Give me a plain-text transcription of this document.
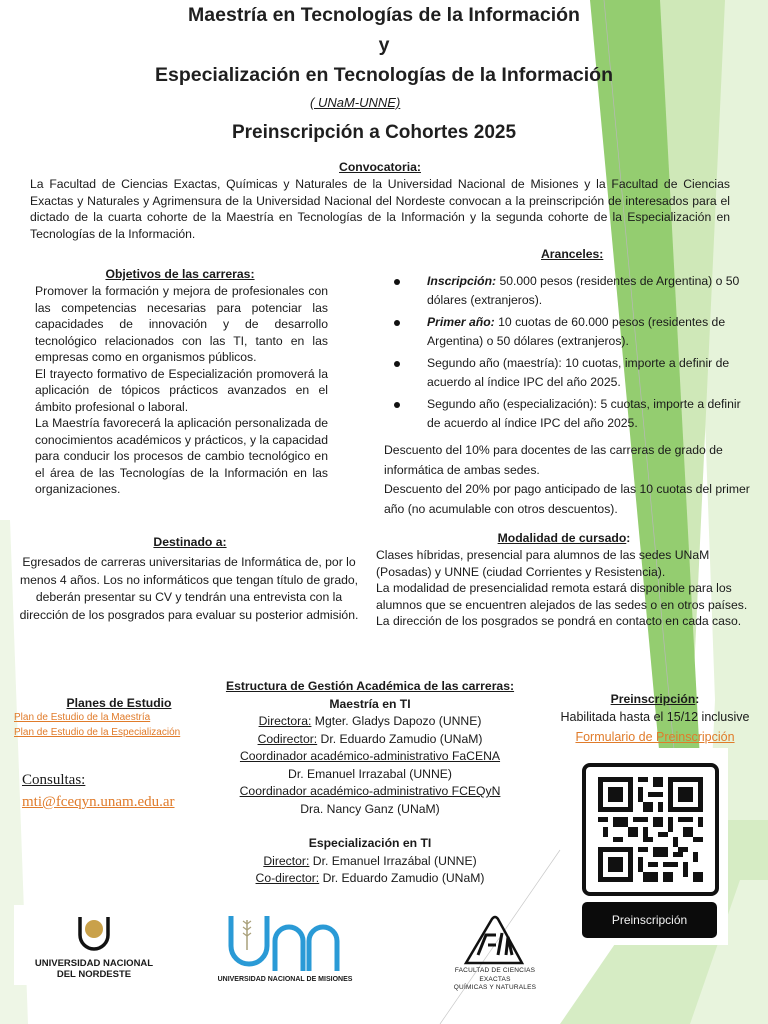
Maestría en Tecnologías de la Información
y
Especialización en Tecnologías de la Información
( UNaM-UNNE)
Preinscripción a Cohortes 2025
Convocatoria:
La Facultad de Ciencias Exactas, Químicas y Naturales de la Universidad Nacional de Misiones y la Facultad de Ciencias Exactas y Naturales y Agrimensura de la Universidad Nacional del Nordeste convocan a la preinscripción de interesados para el dictado de la cuarta cohorte de la Maestría en Tecnologías de la Información y la segunda cohorte de la Especialización en Tecnologías de la Información.
Aranceles:
Inscripción: 50.000 pesos (residentes de Argentina) o 50 dólares (extranjeros).
Primer año: 10 cuotas de 60.000 pesos (residentes de Argentina) o 50 dólares (extranjeros).
Segundo año (maestría): 10 cuotas, importe a definir de acuerdo al índice IPC del año 2025.
Segundo año (especialización): 5 cuotas, importe a definir de acuerdo al índice IPC del año 2025.
Descuento del 10% para docentes de las carreras de grado de informática de ambas sedes.
Descuento del 20% por pago anticipado de las 10 cuotas del primer año (no acumulable con otros descuentos).
Objetivos de las carreras:
Promover la formación y mejora de profesionales con las competencias necesarias para potenciar las capacidades de innovación y de desarrollo tecnológico relacionados con las TI, tanto en las empresas como en organismos públicos.
El trayecto formativo de Especialización promoverá la aplicación de tópicos prácticos avanzados en el ámbito profesional o laboral.
La Maestría favorecerá la aplicación personalizada de conocimientos académicos y prácticos, y la capacidad para conducir los procesos de cambio tecnológico en el área de las Tecnologías de la Información en las organizaciones.
Destinado a:
Egresados de carreras universitarias de Informática de, por lo menos 4 años. Los no informáticos que tengan título de grado, deberán presentar su CV y tendrán una entrevista con la dirección de los posgrados para evaluar su posterior admisión.
Modalidad de cursado:
Clases híbridas, presencial para alumnos de las sedes UNaM (Posadas) y UNNE (ciudad Corrientes y Resistencia).
La modalidad de presencialidad remota estará disponible para los alumnos que se encuentren alejados de las sedes o en otros países. La dirección de los posgrados se pondrá en contacto en cada caso.
Planes de Estudio
Plan de Estudio de la Maestría
Plan de Estudio de la Especialización
Consultas:
mti@fceqyn.unam.edu.ar
Estructura de Gestión Académica de las carreras:
Maestría en TI
Directora: Mgter. Gladys Dapozo (UNNE)
Codirector: Dr. Eduardo Zamudio (UNaM)
Coordinador académico-administrativo FaCENA
Dr. Emanuel Irrazabal (UNNE)
Coordinador académico-administrativo FCEQyN
Dra. Nancy Ganz (UNaM)
Especialización en TI
Director: Dr. Emanuel Irrazábal (UNNE)
Co-director: Dr. Eduardo Zamudio (UNaM)
Preinscripción:
Habilitada hasta el 15/12 inclusive
Formulario de Preinscripción
Preinscripción
UNIVERSIDAD NACIONAL
DEL NORDESTE	UNIVERSIDAD NACIONAL DE MISIONES
FACULTAD DE CIENCIAS EXACTAS
QUÍMICAS Y NATURALES
